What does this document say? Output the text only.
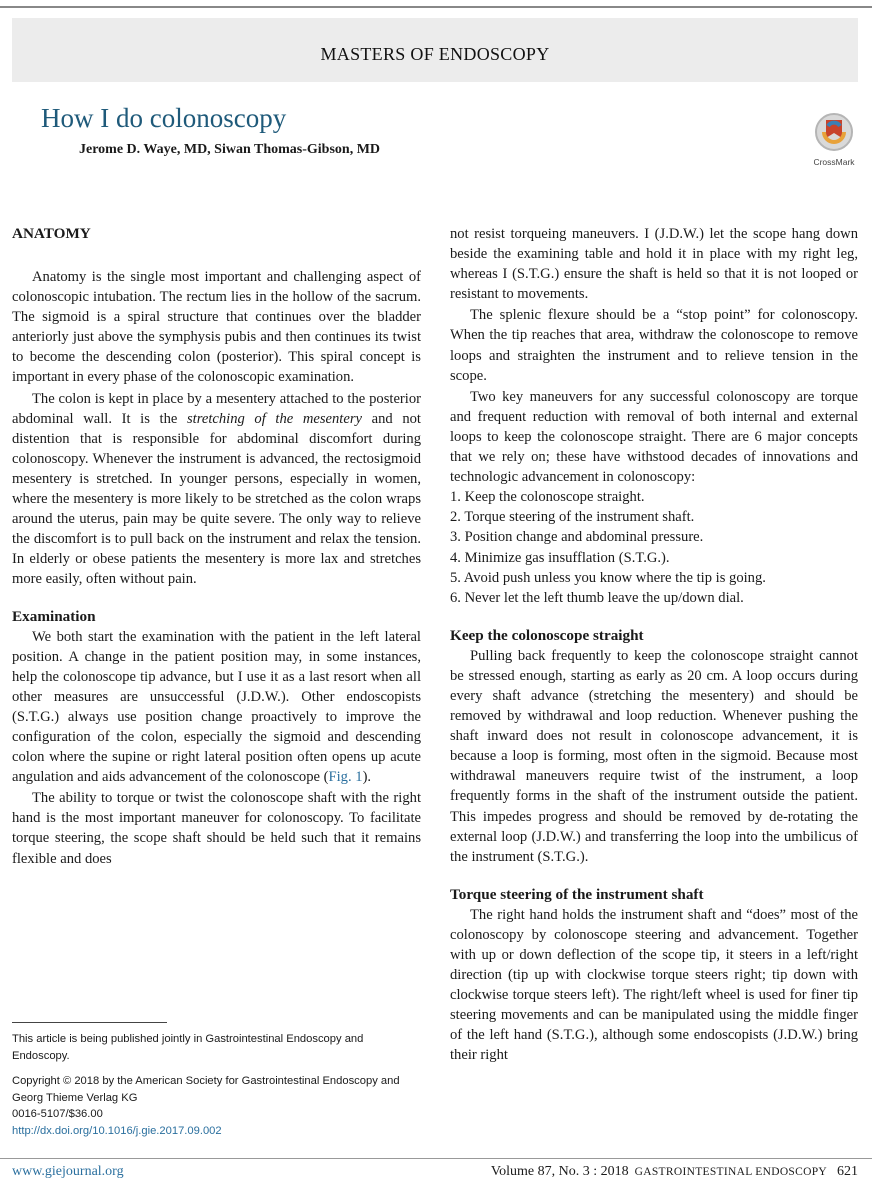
MASTERS OF ENDOSCOPY
How I do colonoscopy
Jerome D. Waye, MD, Siwan Thomas-Gibson, MD
CrossMark
ANATOMY

Anatomy is the single most important and challenging aspect of colonoscopic intubation. The rectum lies in the hollow of the sacrum. The sigmoid is a spiral structure that continues over the bladder anteriorly just above the symphysis pubis and then continues its twist to become the descending colon (posterior). This spiral concept is important in every phase of the colonoscopic examination.

The colon is kept in place by a mesentery attached to the posterior abdominal wall. It is the stretching of the mesentery and not distention that is responsible for abdominal discomfort during colonoscopy. Whenever the instrument is advanced, the rectosigmoid mesentery is stretched. In younger persons, especially in women, where the mesentery is more likely to be stretched as the colon wraps around the uterus, pain may be quite severe. The only way to relieve the discomfort is to pull back on the instrument and relax the tension. In elderly or obese patients the mesentery is more lax and stretches more easily, often without pain.

Examination

We both start the examination with the patient in the left lateral position. A change in the patient position may, in some instances, help the colonoscope tip advance, but I use it as a last resort when all other measures are unsuccessful (J.D.W.). Other endoscopists (S.T.G.) always use position change proactively to improve the configuration of the colon, especially the sigmoid and descending colon where the supine or right lateral position often opens up acute angulation and aids advancement of the colonoscope (Fig. 1).

The ability to torque or twist the colonoscope shaft with the right hand is the most important maneuver for colonoscopy. To facilitate torque steering, the scope shaft should be held such that it remains flexible and does

not resist torqueing maneuvers. I (J.D.W.) let the scope hang down beside the examining table and hold it in place with my right leg, whereas I (S.T.G.) ensure the shaft is held so that it is not looped or resistant to movements.

The splenic flexure should be a “stop point” for colonoscopy. When the tip reaches that area, withdraw the colonoscope to remove loops and straighten the instrument and to relieve tension in the scope.

Two key maneuvers for any successful colonoscopy are torque and frequent reduction with removal of both internal and external loops to keep the colonoscope straight. There are 6 major concepts that we rely on; these have withstood decades of innovations and technologic advancement in colonoscopy:

1. Keep the colonoscope straight.
2. Torque steering of the instrument shaft.
3. Position change and abdominal pressure.
4. Minimize gas insufflation (S.T.G.).
5. Avoid push unless you know where the tip is going.
6. Never let the left thumb leave the up/down dial.
Keep the colonoscope straight

Pulling back frequently to keep the colonoscope straight cannot be stressed enough, starting as early as 20 cm. A loop occurs during every shaft advance (stretching the mesentery) and should be removed by withdrawal and loop reduction. Whenever pushing the shaft inward does not result in colonoscope advancement, it is because a loop is forming, most often in the sigmoid. Because most withdrawal maneuvers require twist of the instrument, a loop frequently forms in the shaft of the instrument outside the patient. This impedes progress and should be removed by de-rotating the external loop (J.D.W.) and transferring the loop into the umbilicus of the instrument (S.T.G.).

Torque steering of the instrument shaft

The right hand holds the instrument shaft and “does” most of the colonoscopy by colonoscope steering and advancement. Together with up or down deflection of the scope tip, it steers in a left/right direction (tip up with clockwise torque steers right; tip down with clockwise torque steers left). The right/left wheel is used for finer tip steering movements and can be manipulated using the middle finger of the left hand (S.T.G.), although some endoscopists (J.D.W.) bring their right

This article is being published jointly in Gastrointestinal Endoscopy and Endoscopy.
Copyright © 2018 by the American Society for Gastrointestinal Endoscopy and Georg Thieme Verlag KG
0016-5107/$36.00
http://dx.doi.org/10.1016/j.gie.2017.09.002
www.giejournal.org	Volume 87, No. 3 : 2018 GASTROINTESTINAL ENDOSCOPY 621
